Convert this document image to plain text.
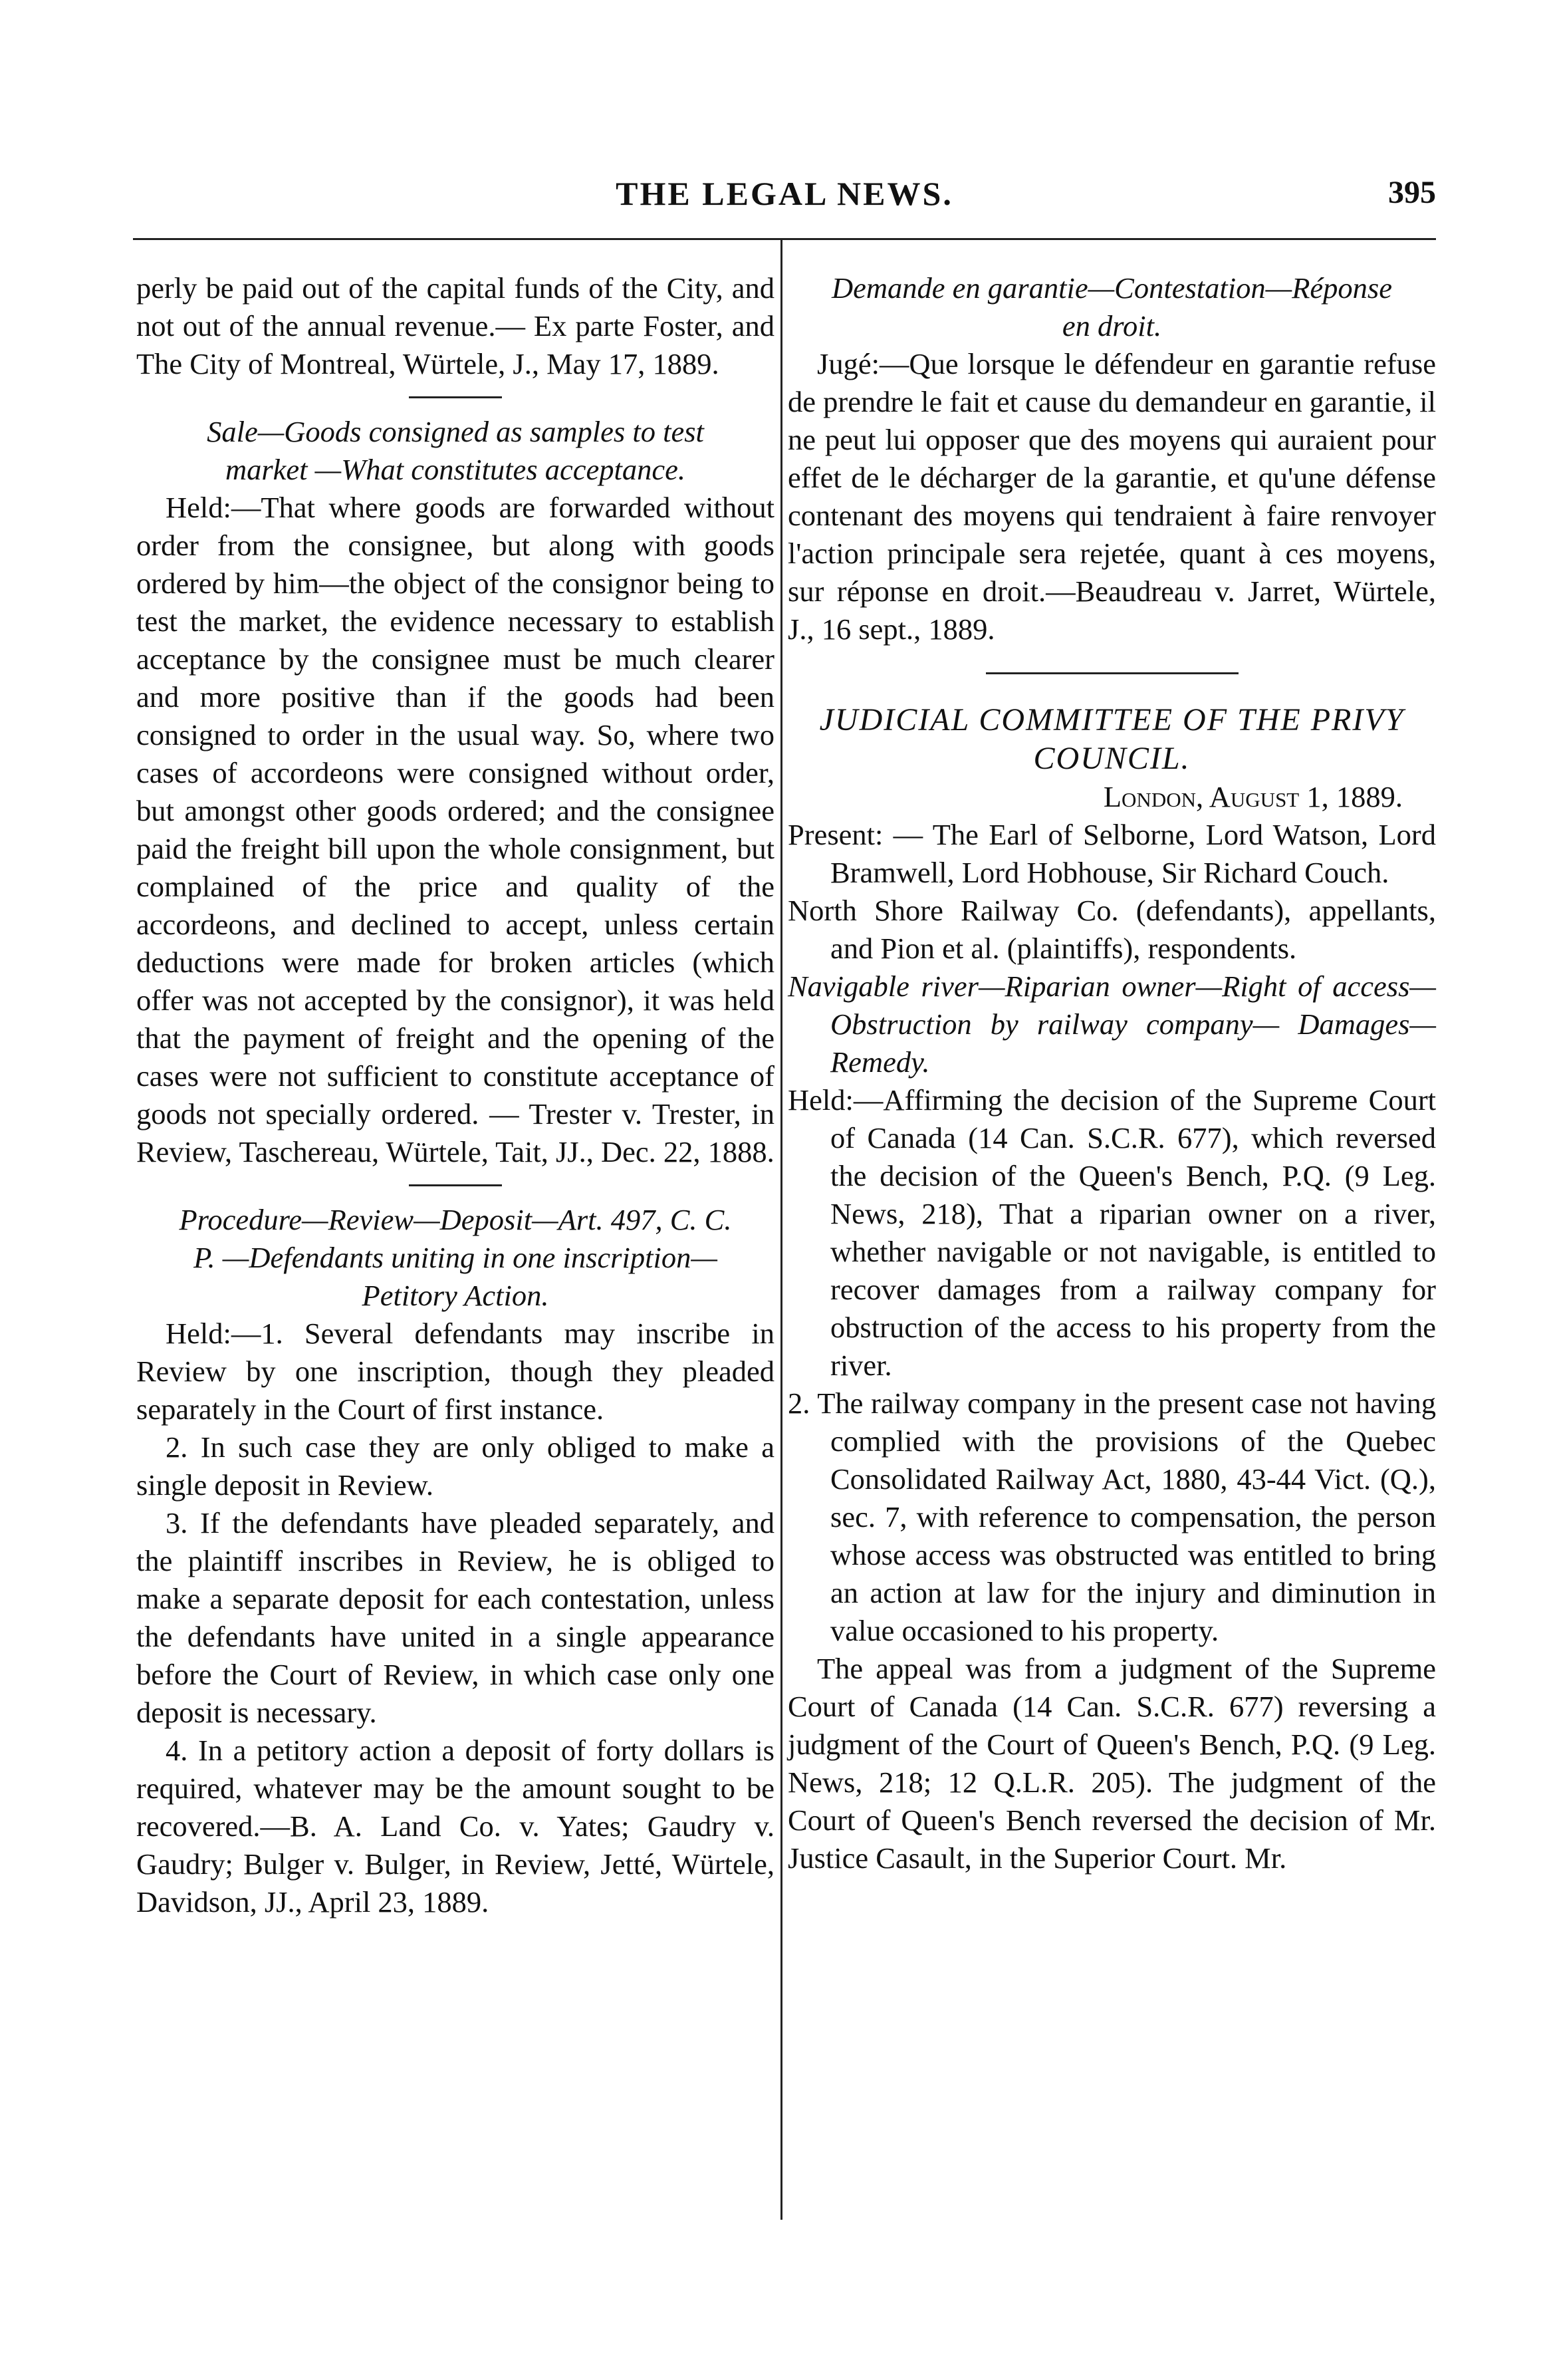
THE LEGAL NEWS.	395

perly be paid out of the capital funds of the City, and not out of the annual revenue.— Ex parte Foster, and The City of Montreal, Würtele, J., May 17, 1889.

Sale—Goods consigned as samples to test market —What constitutes acceptance.

Held:—That where goods are forwarded without order from the consignee, but along with goods ordered by him—the object of the consignor being to test the market, the evidence necessary to establish acceptance by the consignee must be much clearer and more positive than if the goods had been consigned to order in the usual way. So, where two cases of accordeons were consigned without order, but amongst other goods ordered; and the consignee paid the freight bill upon the whole consignment, but complained of the price and quality of the accordeons, and declined to accept, unless certain deductions were made for broken articles (which offer was not accepted by the consignor), it was held that the payment of freight and the opening of the cases were not sufficient to constitute acceptance of goods not specially ordered. — Trester v. Trester, in Review, Taschereau, Würtele, Tait, JJ., Dec. 22, 1888.

Procedure—Review—Deposit—Art. 497, C. C. P. —Defendants uniting in one inscription— Petitory Action.

Held:—1. Several defendants may inscribe in Review by one inscription, though they pleaded separately in the Court of first instance.

2. In such case they are only obliged to make a single deposit in Review.

3. If the defendants have pleaded separately, and the plaintiff inscribes in Review, he is obliged to make a separate deposit for each contestation, unless the defendants have united in a single appearance before the Court of Review, in which case only one deposit is necessary.

4. In a petitory action a deposit of forty dollars is required, whatever may be the amount sought to be recovered.—B. A. Land Co. v. Yates; Gaudry v. Gaudry; Bulger v. Bulger, in Review, Jetté, Würtele, Davidson, JJ., April 23, 1889.

Demande en garantie—Contestation—Réponse en droit.

Jugé:—Que lorsque le défendeur en garantie refuse de prendre le fait et cause du demandeur en garantie, il ne peut lui opposer que des moyens qui auraient pour effet de le décharger de la garantie, et qu'une défense contenant des moyens qui tendraient à faire renvoyer l'action principale sera rejetée, quant à ces moyens, sur réponse en droit.—Beaudreau v. Jarret, Würtele, J., 16 sept., 1889.

JUDICIAL COMMITTEE OF THE PRIVY COUNCIL.

London, August 1, 1889.

Present: — The Earl of Selborne, Lord Watson, Lord Bramwell, Lord Hobhouse, Sir Richard Couch.

North Shore Railway Co. (defendants), appellants, and Pion et al. (plaintiffs), respondents.

Navigable river—Riparian owner—Right of access—Obstruction by railway company— Damages—Remedy.

Held:—Affirming the decision of the Supreme Court of Canada (14 Can. S.C.R. 677), which reversed the decision of the Queen's Bench, P.Q. (9 Leg. News, 218), That a riparian owner on a river, whether navigable or not navigable, is entitled to recover damages from a railway company for obstruction of the access to his property from the river.

2. The railway company in the present case not having complied with the provisions of the Quebec Consolidated Railway Act, 1880, 43-44 Vict. (Q.), sec. 7, with reference to compensation, the person whose access was obstructed was entitled to bring an action at law for the injury and diminution in value occasioned to his property.

The appeal was from a judgment of the Supreme Court of Canada (14 Can. S.C.R. 677) reversing a judgment of the Court of Queen's Bench, P.Q. (9 Leg. News, 218; 12 Q.L.R. 205). The judgment of the Court of Queen's Bench reversed the decision of Mr. Justice Casault, in the Superior Court. Mr.
